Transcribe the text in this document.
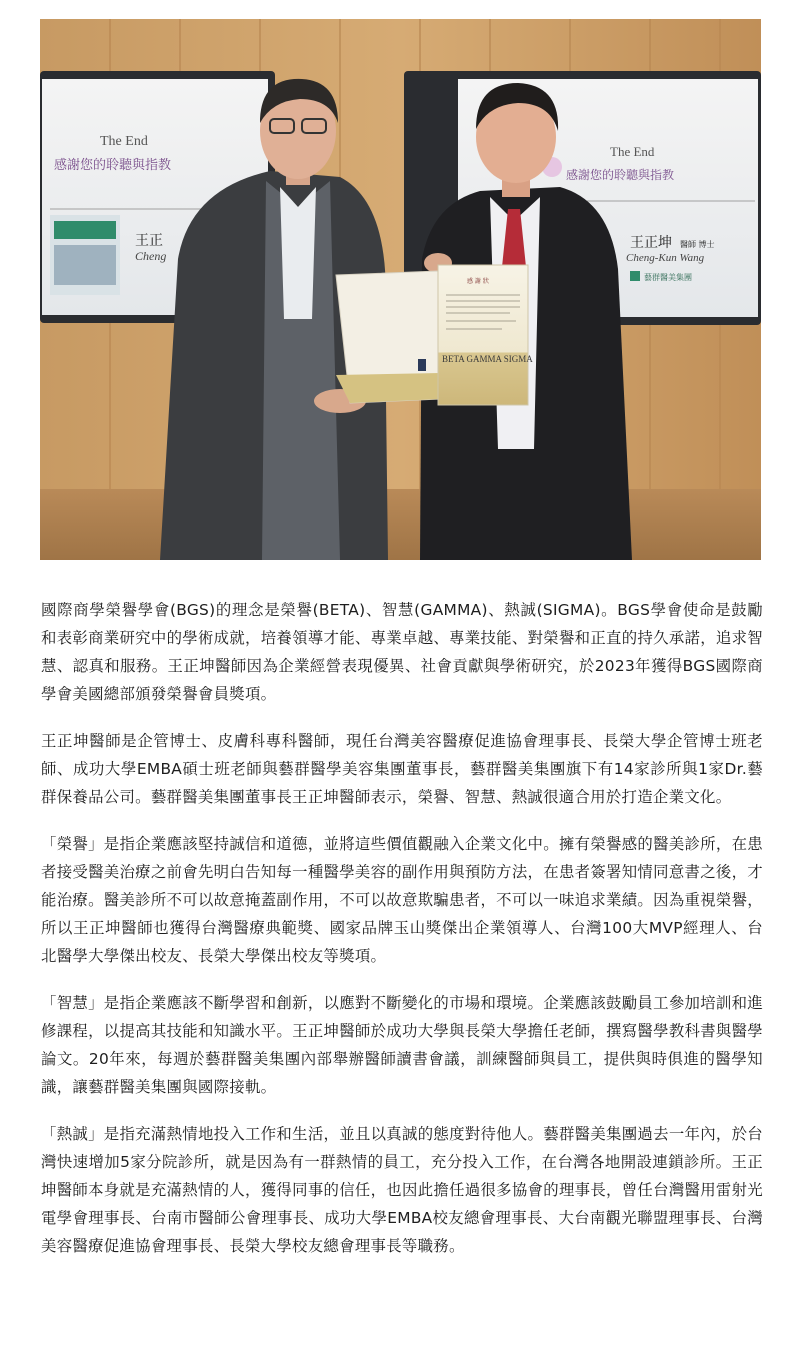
The End
感謝您的聆聽與指教
王正
Cheng
The End
感謝您的聆聽與指教
王正坤 醫師 博士
Cheng-Kun Wang
藝群醫美集團
感 謝 狀
BETA GAMMA SIGMA

國際商學榮譽學會(BGS)的理念是榮譽(BETA)、智慧(GAMMA)、熱誠(SIGMA)。BGS學會使命是鼓勵和表彰商業研究中的學術成就，培養領導才能、專業卓越、專業技能、對榮譽和正直的持久承諾，追求智慧、認真和服務。王正坤醫師因為企業經營表現優異、社會貢獻與學術研究，於2023年獲得BGS國際商學會美國總部頒發榮譽會員獎項。

王正坤醫師是企管博士、皮膚科專科醫師，現任台灣美容醫療促進協會理事長、長榮大學企管博士班老師、成功大學EMBA碩士班老師與藝群醫學美容集團董事長，藝群醫美集團旗下有14家診所與1家Dr.藝群保養品公司。藝群醫美集團董事長王正坤醫師表示，榮譽、智慧、熱誠很適合用於打造企業文化。

「榮譽」是指企業應該堅持誠信和道德，並將這些價值觀融入企業文化中。擁有榮譽感的醫美診所，在患者接受醫美治療之前會先明白告知每一種醫學美容的副作用與預防方法，在患者簽署知情同意書之後，才能治療。醫美診所不可以故意掩蓋副作用，不可以故意欺騙患者，不可以一味追求業績。因為重視榮譽，所以王正坤醫師也獲得台灣醫療典範獎、國家品牌玉山獎傑出企業領導人、台灣100大MVP經理人、台北醫學大學傑出校友、長榮大學傑出校友等獎項。

「智慧」是指企業應該不斷學習和創新，以應對不斷變化的市場和環境。企業應該鼓勵員工參加培訓和進修課程，以提高其技能和知識水平。王正坤醫師於成功大學與長榮大學擔任老師，撰寫醫學教科書與醫學論文。20年來，每週於藝群醫美集團內部舉辦醫師讀書會議，訓練醫師與員工，提供與時俱進的醫學知識，讓藝群醫美集團與國際接軌。

「熱誠」是指充滿熱情地投入工作和生活，並且以真誠的態度對待他人。藝群醫美集團過去一年內，於台灣快速增加5家分院診所，就是因為有一群熱情的員工，充分投入工作，在台灣各地開設連鎖診所。王正坤醫師本身就是充滿熱情的人，獲得同事的信任，也因此擔任過很多協會的理事長，曾任台灣醫用雷射光電學會理事長、台南市醫師公會理事長、成功大學EMBA校友總會理事長、大台南觀光聯盟理事長、台灣美容醫療促進協會理事長、長榮大學校友總會理事長等職務。
